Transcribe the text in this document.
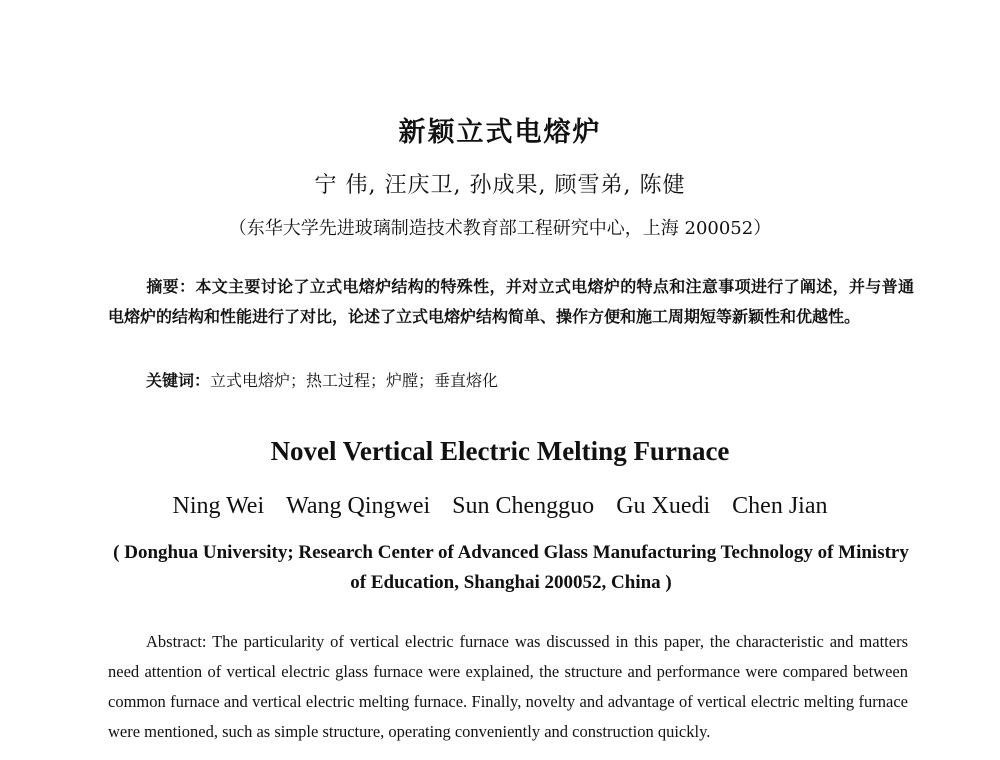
新颖立式电熔炉
宁 伟, 汪庆卫, 孙成果, 顾雪弟, 陈健
（东华大学先进玻璃制造技术教育部工程研究中心，上海 200052）
摘要：本文主要讨论了立式电熔炉结构的特殊性，并对立式电熔炉的特点和注意事项进行了阐述，并与普通电熔炉的结构和性能进行了对比，论述了立式电熔炉结构简单、操作方便和施工周期短等新颖性和优越性。
关键词：立式电熔炉；热工过程；炉膛；垂直熔化
Novel Vertical Electric Melting Furnace
Ning Wei Wang Qingwei Sun Chengguo Gu Xuedi Chen Jian
( Donghua University; Research Center of Advanced Glass Manufacturing Technology of Ministry of Education, Shanghai 200052, China )
Abstract: The particularity of vertical electric furnace was discussed in this paper, the characteristic and matters need attention of vertical electric glass furnace were explained, the structure and performance were compared between common furnace and vertical electric melting furnace. Finally, novelty and advantage of vertical electric melting furnace were mentioned, such as simple structure, operating conveniently and construction quickly.
